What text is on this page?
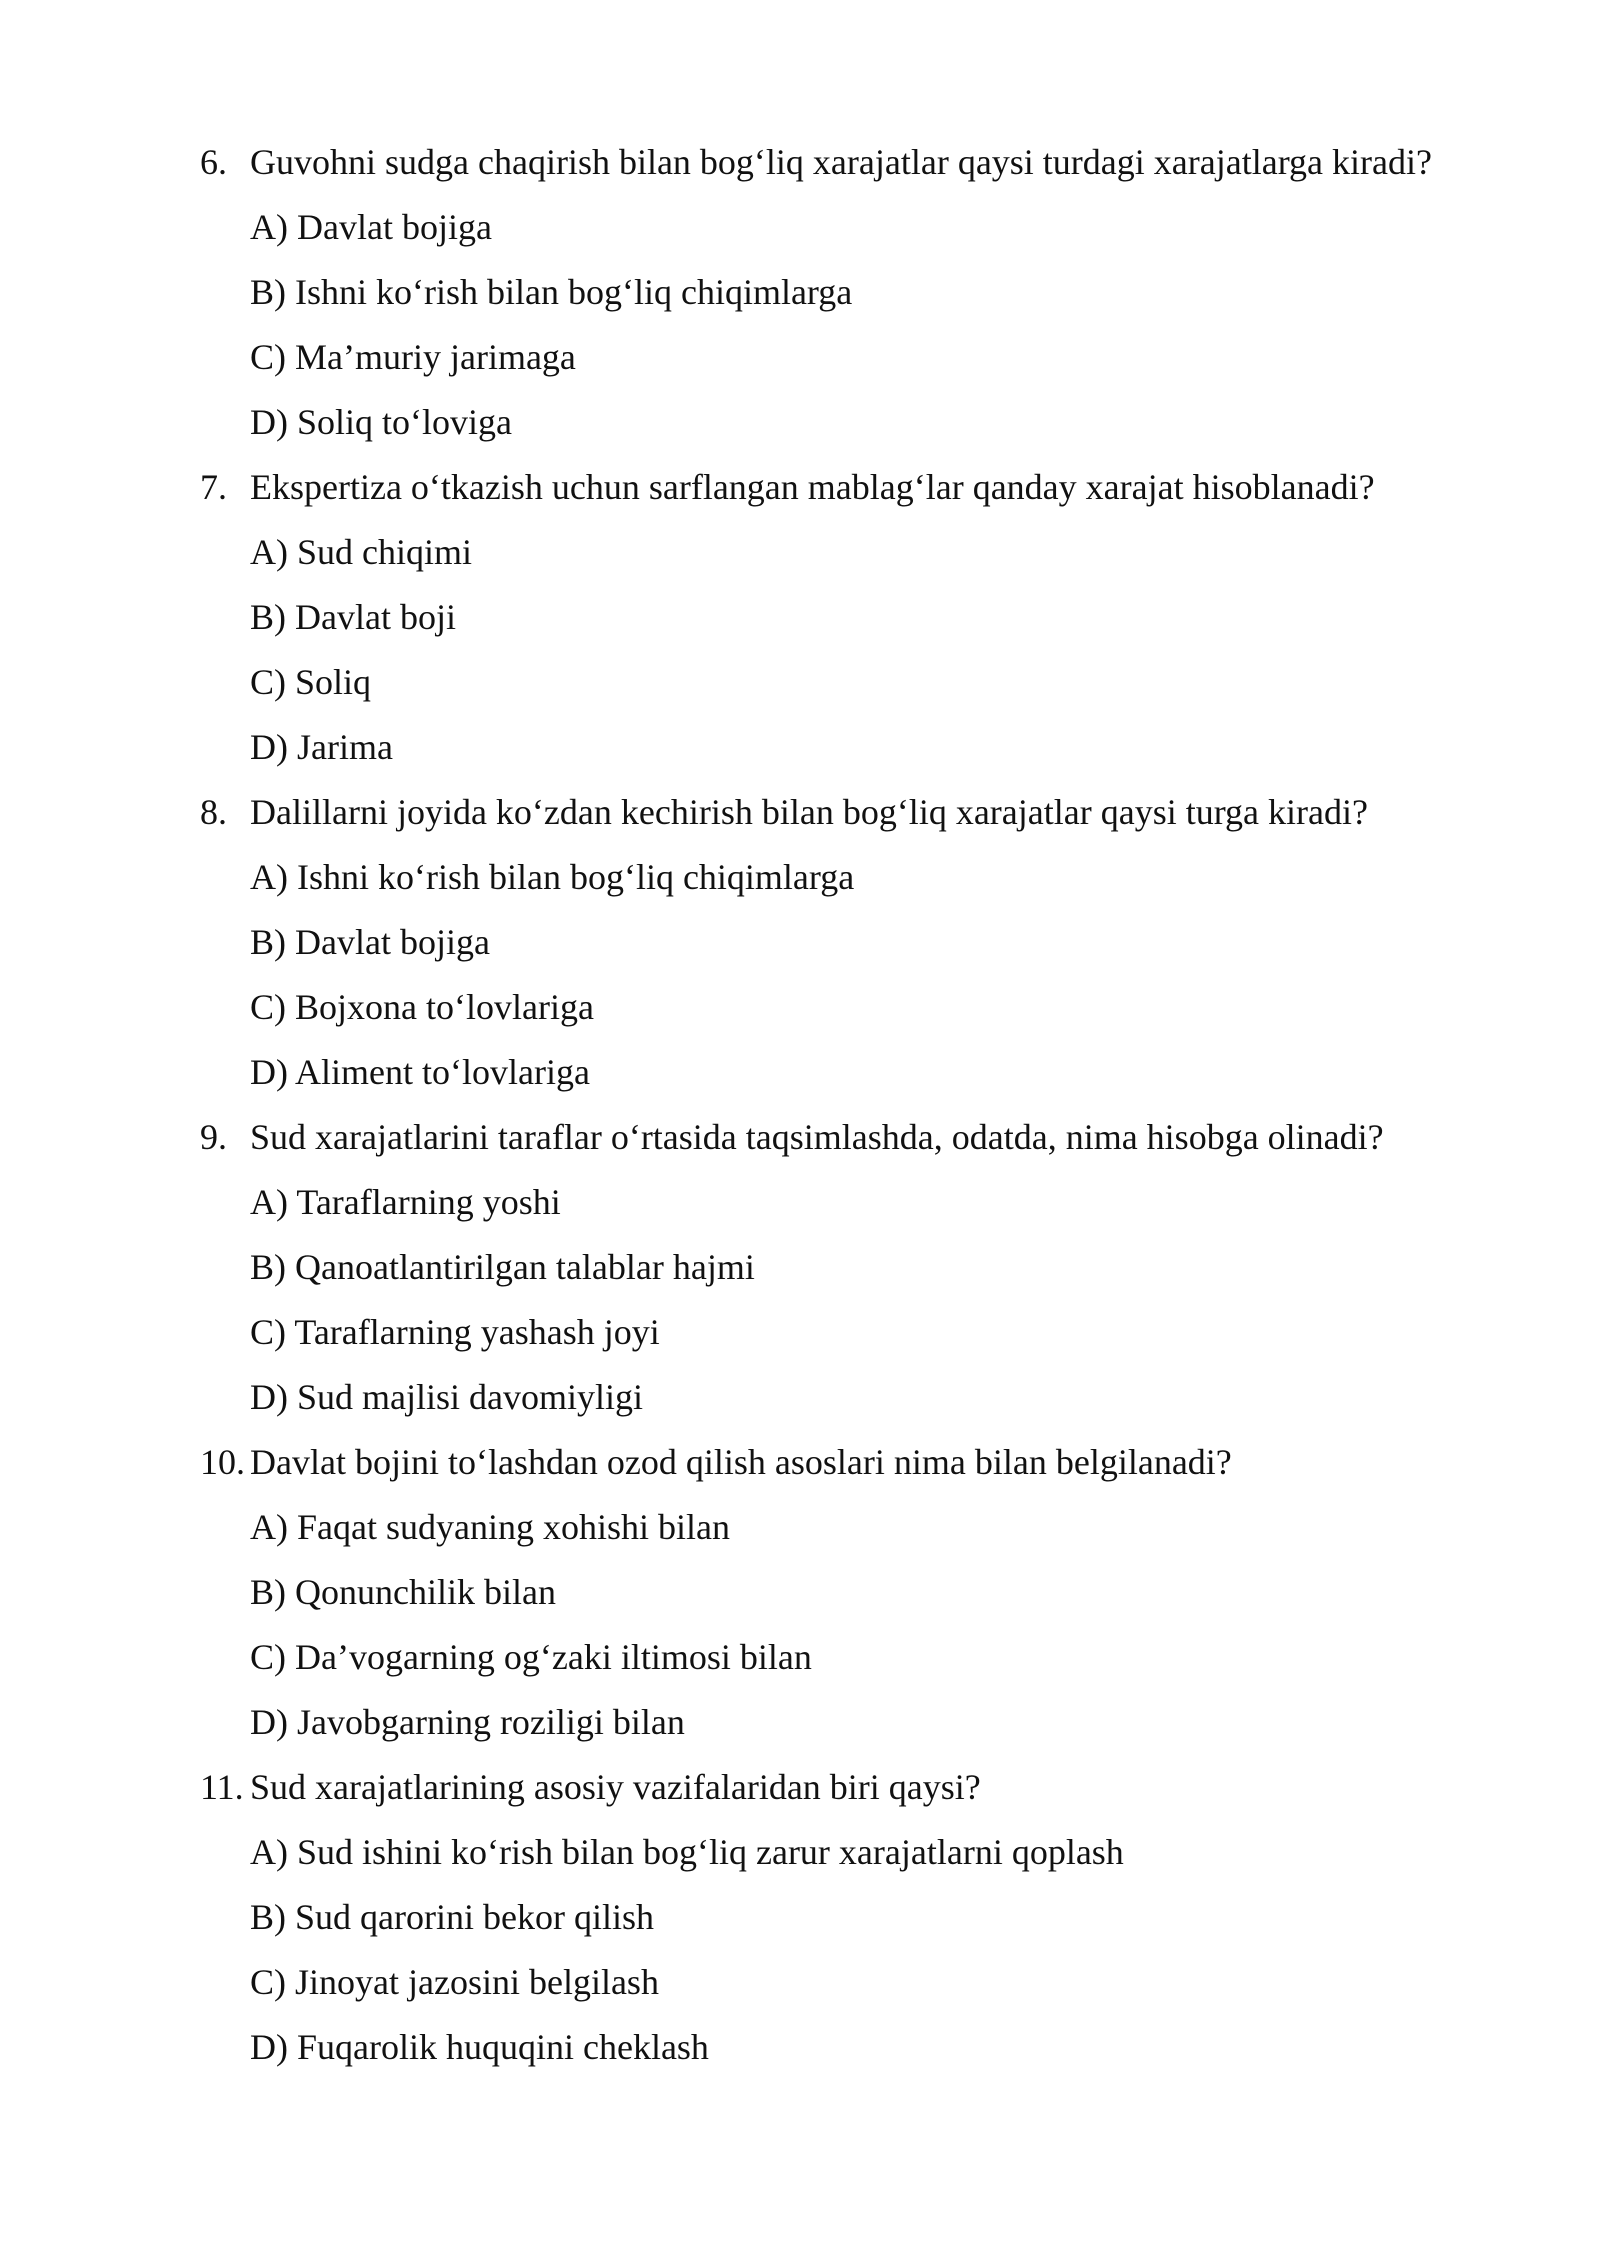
6. Guvohni sudga chaqirish bilan bog‘liq xarajatlar qaysi turdagi xarajatlarga kiradi?
A) Davlat bojiga
B) Ishni ko‘rish bilan bog‘liq chiqimlarga
C) Ma’muriy jarimaga
D) Soliq to‘loviga
7. Ekspertiza o‘tkazish uchun sarflangan mablag‘lar qanday xarajat hisoblanadi?
A) Sud chiqimi
B) Davlat boji
C) Soliq
D) Jarima
8. Dalillarni joyida ko‘zdan kechirish bilan bog‘liq xarajatlar qaysi turga kiradi?
A) Ishni ko‘rish bilan bog‘liq chiqimlarga
B) Davlat bojiga
C) Bojxona to‘lovlariga
D) Aliment to‘lovlariga
9. Sud xarajatlarini taraflar o‘rtasida taqsimlashda, odatda, nima hisobga olinadi?
A) Taraflarning yoshi
B) Qanoatlantirilgan talablar hajmi
C) Taraflarning yashash joyi
D) Sud majlisi davomiyligi
10. Davlat bojini to‘lashdan ozod qilish asoslari nima bilan belgilanadi?
A) Faqat sudyaning xohishi bilan
B) Qonunchilik bilan
C) Da’vogarning og‘zaki iltimosi bilan
D) Javobgarning roziligi bilan
11. Sud xarajatlarining asosiy vazifalaridan biri qaysi?
A) Sud ishini ko‘rish bilan bog‘liq zarur xarajatlarni qoplash
B) Sud qarorini bekor qilish
C) Jinoyat jazosini belgilash
D) Fuqarolik huquqini cheklash
